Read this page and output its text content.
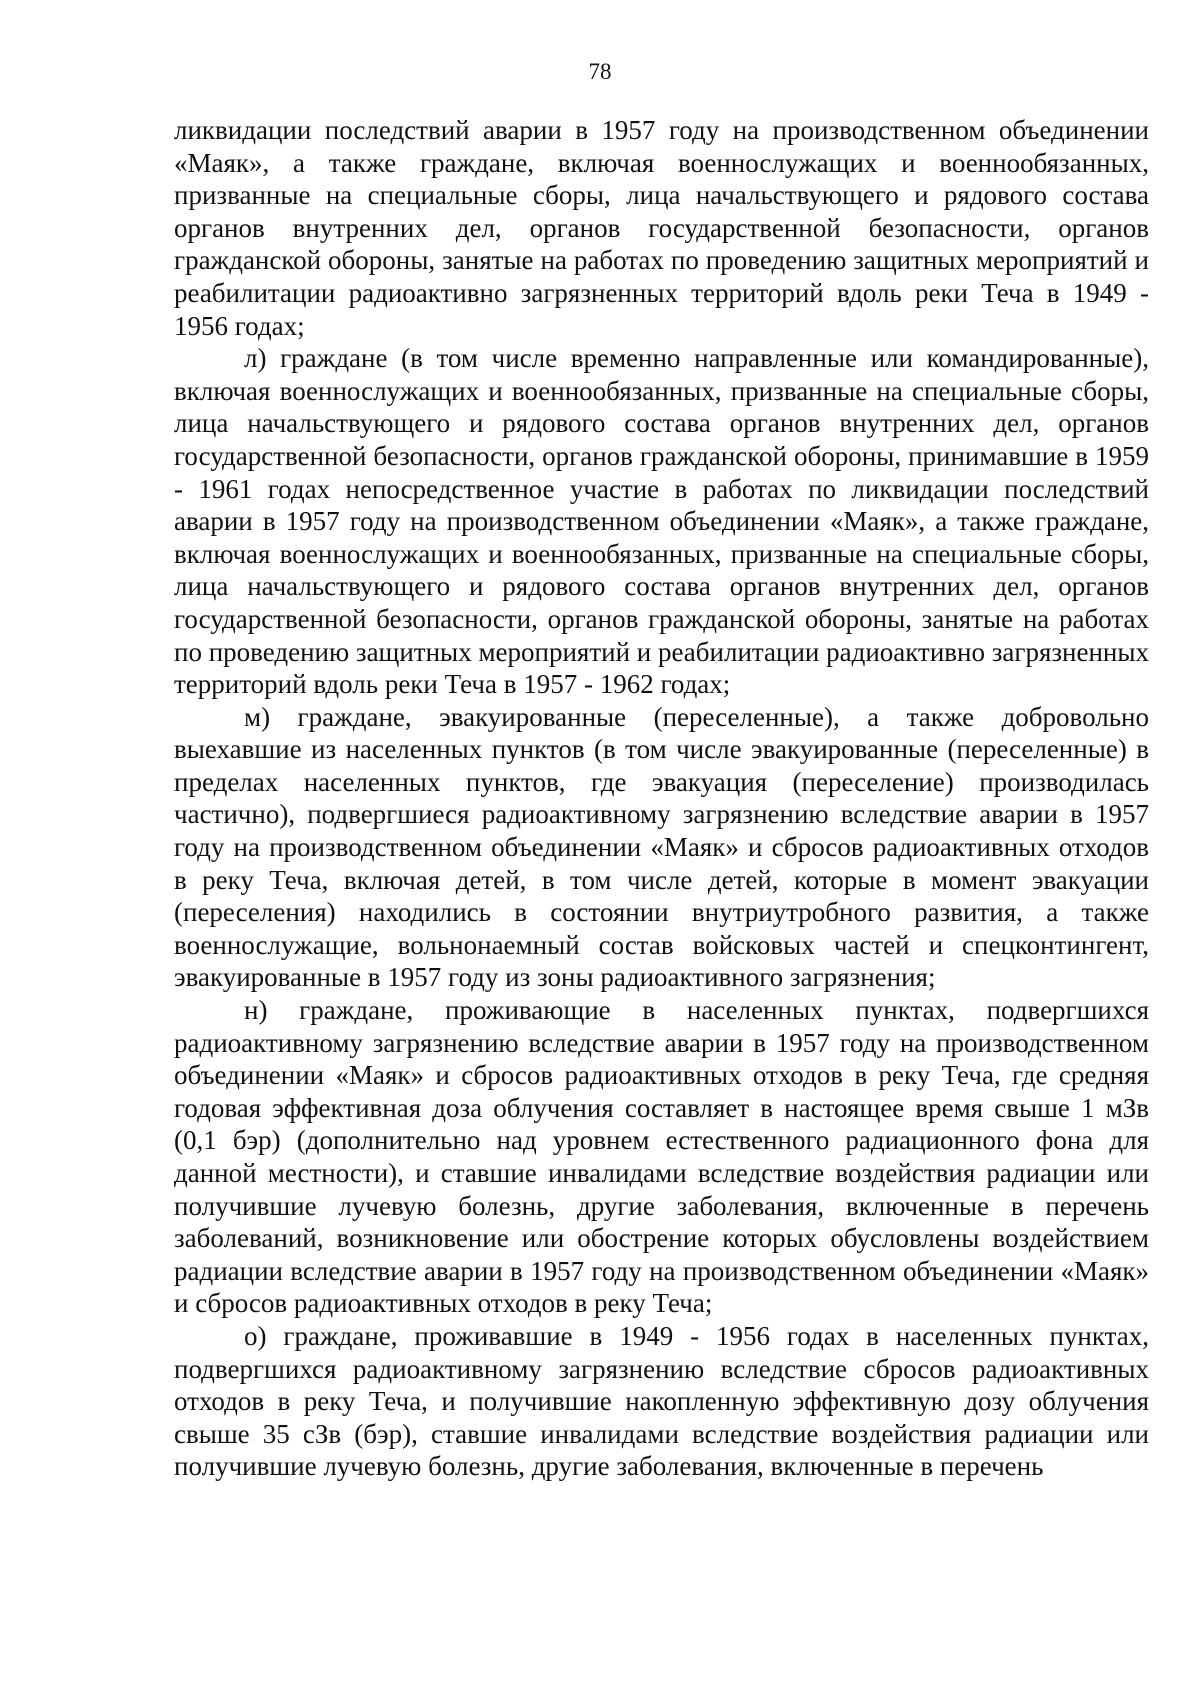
78

ликвидации последствий аварии в 1957 году на производственном объединении «Маяк», а также граждане, включая военнослужащих и военнообязанных, призванные на специальные сборы, лица начальствующего и рядового состава органов внутренних дел, органов государственной безопасности, органов гражданской обороны, занятые на работах по проведению защитных мероприятий и реабилитации радиоактивно загрязненных территорий вдоль реки Теча в 1949 - 1956 годах;

л) граждане (в том числе временно направленные или командированные), включая военнослужащих и военнообязанных, призванные на специальные сборы, лица начальствующего и рядового состава органов внутренних дел, органов государственной безопасности, органов гражданской обороны, принимавшие в 1959 - 1961 годах непосредственное участие в работах по ликвидации последствий аварии в 1957 году на производственном объединении «Маяк», а также граждане, включая военнослужащих и военнообязанных, призванные на специальные сборы, лица начальствующего и рядового состава органов внутренних дел, органов государственной безопасности, органов гражданской обороны, занятые на работах по проведению защитных мероприятий и реабилитации радиоактивно загрязненных территорий вдоль реки Теча в 1957 - 1962 годах;

м) граждане, эвакуированные (переселенные), а также добровольно выехавшие из населенных пунктов (в том числе эвакуированные (переселенные) в пределах населенных пунктов, где эвакуация (переселение) производилась частично), подвергшиеся радиоактивному загрязнению вследствие аварии в 1957 году на производственном объединении «Маяк» и сбросов радиоактивных отходов в реку Теча, включая детей, в том числе детей, которые в момент эвакуации (переселения) находились в состоянии внутриутробного развития, а также военнослужащие, вольнонаемный состав войсковых частей и спецконтингент, эвакуированные в 1957 году из зоны радиоактивного загрязнения;

н) граждане, проживающие в населенных пунктах, подвергшихся радиоактивному загрязнению вследствие аварии в 1957 году на производственном объединении «Маяк» и сбросов радиоактивных отходов в реку Теча, где средняя годовая эффективная доза облучения составляет в настоящее время свыше 1 мЗв (0,1 бэр) (дополнительно над уровнем естественного радиационного фона для данной местности), и ставшие инвалидами вследствие воздействия радиации или получившие лучевую болезнь, другие заболевания, включенные в перечень заболеваний, возникновение или обострение которых обусловлены воздействием радиации вследствие аварии в 1957 году на производственном объединении «Маяк» и сбросов радиоактивных отходов в реку Теча;

о) граждане, проживавшие в 1949 - 1956 годах в населенных пунктах, подвергшихся радиоактивному загрязнению вследствие сбросов радиоактивных отходов в реку Теча, и получившие накопленную эффективную дозу облучения свыше 35 сЗв (бэр), ставшие инвалидами вследствие воздействия радиации или получившие лучевую болезнь, другие заболевания, включенные в перечень
